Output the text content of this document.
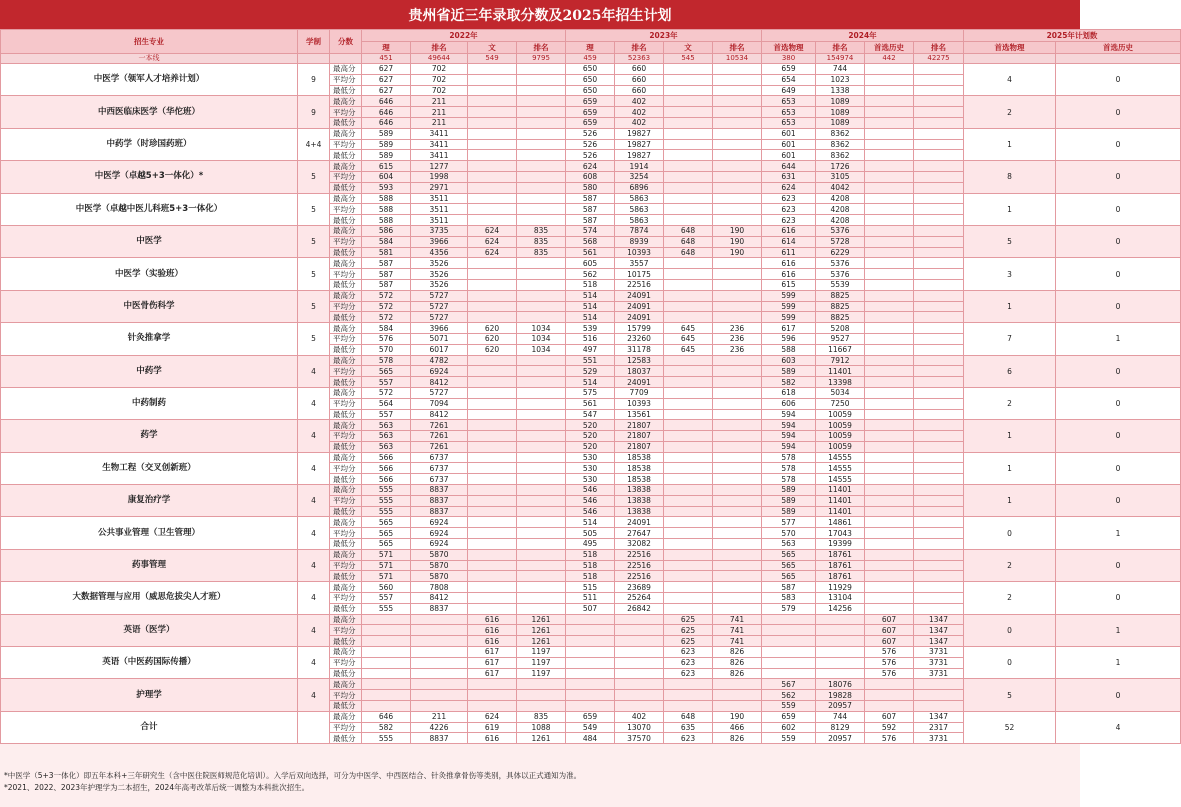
贵州省近三年录取分数及2025年招生计划
招生专业	学制	分数	2022年				2023年				2024年				2025年计划数	
			理	排名	文	排名	理	排名	文	排名	首选物理	排名	首选历史	排名	首选物理	首选历史
一本线			451	49644	549	9795	459	52363	545	10534	380	154974	442	42275		
中医学（领军人才培养计划）	9	最高分	627	702			650	660			659	744			4	0
		平均分	627	702			650	660			654	1023				
		最低分	627	702			650	660			649	1338				
中西医临床医学（华佗班）	9	最高分	646	211			659	402			653	1089			2	0
		平均分	646	211			659	402			653	1089				
		最低分	646	211			659	402			653	1089				
中药学（时珍国药班）	4+4	最高分	589	3411			526	19827			601	8362			1	0
		平均分	589	3411			526	19827			601	8362				
		最低分	589	3411			526	19827			601	8362				
中医学（卓越5+3一体化）*	5	最高分	615	1277			624	1914			644	1726			8	0
		平均分	604	1998			608	3254			631	3105				
		最低分	593	2971			580	6896			624	4042				
中医学（卓越中医儿科班5+3一体化）	5	最高分	588	3511			587	5863			623	4208			1	0
		平均分	588	3511			587	5863			623	4208				
		最低分	588	3511			587	5863			623	4208				
中医学	5	最高分	586	3735	624	835	574	7874	648	190	616	5376			5	0
		平均分	584	3966	624	835	568	8939	648	190	614	5728				
		最低分	581	4356	624	835	561	10393	648	190	611	6229				
中医学（实验班）	5	最高分	587	3526			605	3557			616	5376			3	0
		平均分	587	3526			562	10175			616	5376				
		最低分	587	3526			518	22516			615	5539				
中医骨伤科学	5	最高分	572	5727			514	24091			599	8825			1	0
		平均分	572	5727			514	24091			599	8825				
		最低分	572	5727			514	24091			599	8825				
针灸推拿学	5	最高分	584	3966	620	1034	539	15799	645	236	617	5208			7	1
		平均分	576	5071	620	1034	516	23260	645	236	596	9527				
		最低分	570	6017	620	1034	497	31178	645	236	588	11667				
中药学	4	最高分	578	4782			551	12583			603	7912			6	0
		平均分	565	6924			529	18037			589	11401				
		最低分	557	8412			514	24091			582	13398				
中药制药	4	最高分	572	5727			575	7709			618	5034			2	0
		平均分	564	7094			561	10393			606	7250				
		最低分	557	8412			547	13561			594	10059				
药学	4	最高分	563	7261			520	21807			594	10059			1	0
		平均分	563	7261			520	21807			594	10059				
		最低分	563	7261			520	21807			594	10059				
生物工程（交叉创新班）	4	最高分	566	6737			530	18538			578	14555			1	0
		平均分	566	6737			530	18538			578	14555				
		最低分	566	6737			530	18538			578	14555				
康复治疗学	4	最高分	555	8837			546	13838			589	11401			1	0
		平均分	555	8837			546	13838			589	11401				
		最低分	555	8837			546	13838			589	11401				
公共事业管理（卫生管理）	4	最高分	565	6924			514	24091			577	14861			0	1
		平均分	565	6924			505	27647			570	17043				
		最低分	565	6924			495	32082			563	19399				
药事管理	4	最高分	571	5870			518	22516			565	18761			2	0
		平均分	571	5870			518	22516			565	18761				
		最低分	571	5870			518	22516			565	18761				
大数据管理与应用（威思危拔尖人才班）	4	最高分	560	7808			515	23689			587	11929			2	0
		平均分	557	8412			511	25264			583	13104				
		最低分	555	8837			507	26842			579	14256				
英语（医学）	4	最高分			616	1261			625	741			607	1347	0	1
		平均分			616	1261			625	741			607	1347		
		最低分			616	1261			625	741			607	1347		
英语（中医药国际传播）	4	最高分			617	1197			623	826			576	3731	0	1
		平均分			617	1197			623	826			576	3731		
		最低分			617	1197			623	826			576	3731		
护理学	4	最高分									567	18076			5	0
		平均分									562	19828				
		最低分									559	20957				
合计		最高分	646	211	624	835	659	402	648	190	659	744	607	1347	52	4
		平均分	582	4226	619	1088	549	13070	635	466	602	8129	592	2317		
		最低分	555	8837	616	1261	484	37570	623	826	559	20957	576	3731		
*中医学（5+3一体化）即五年本科+三年研究生（含中医住院医师规范化培训）。入学后双向选择，可分为中医学、中西医结合、针灸推拿骨伤等类别，具体以正式通知为准。
*2021、2022、2023年护理学为二本招生，2024年高考改革后统一调整为本科批次招生。
